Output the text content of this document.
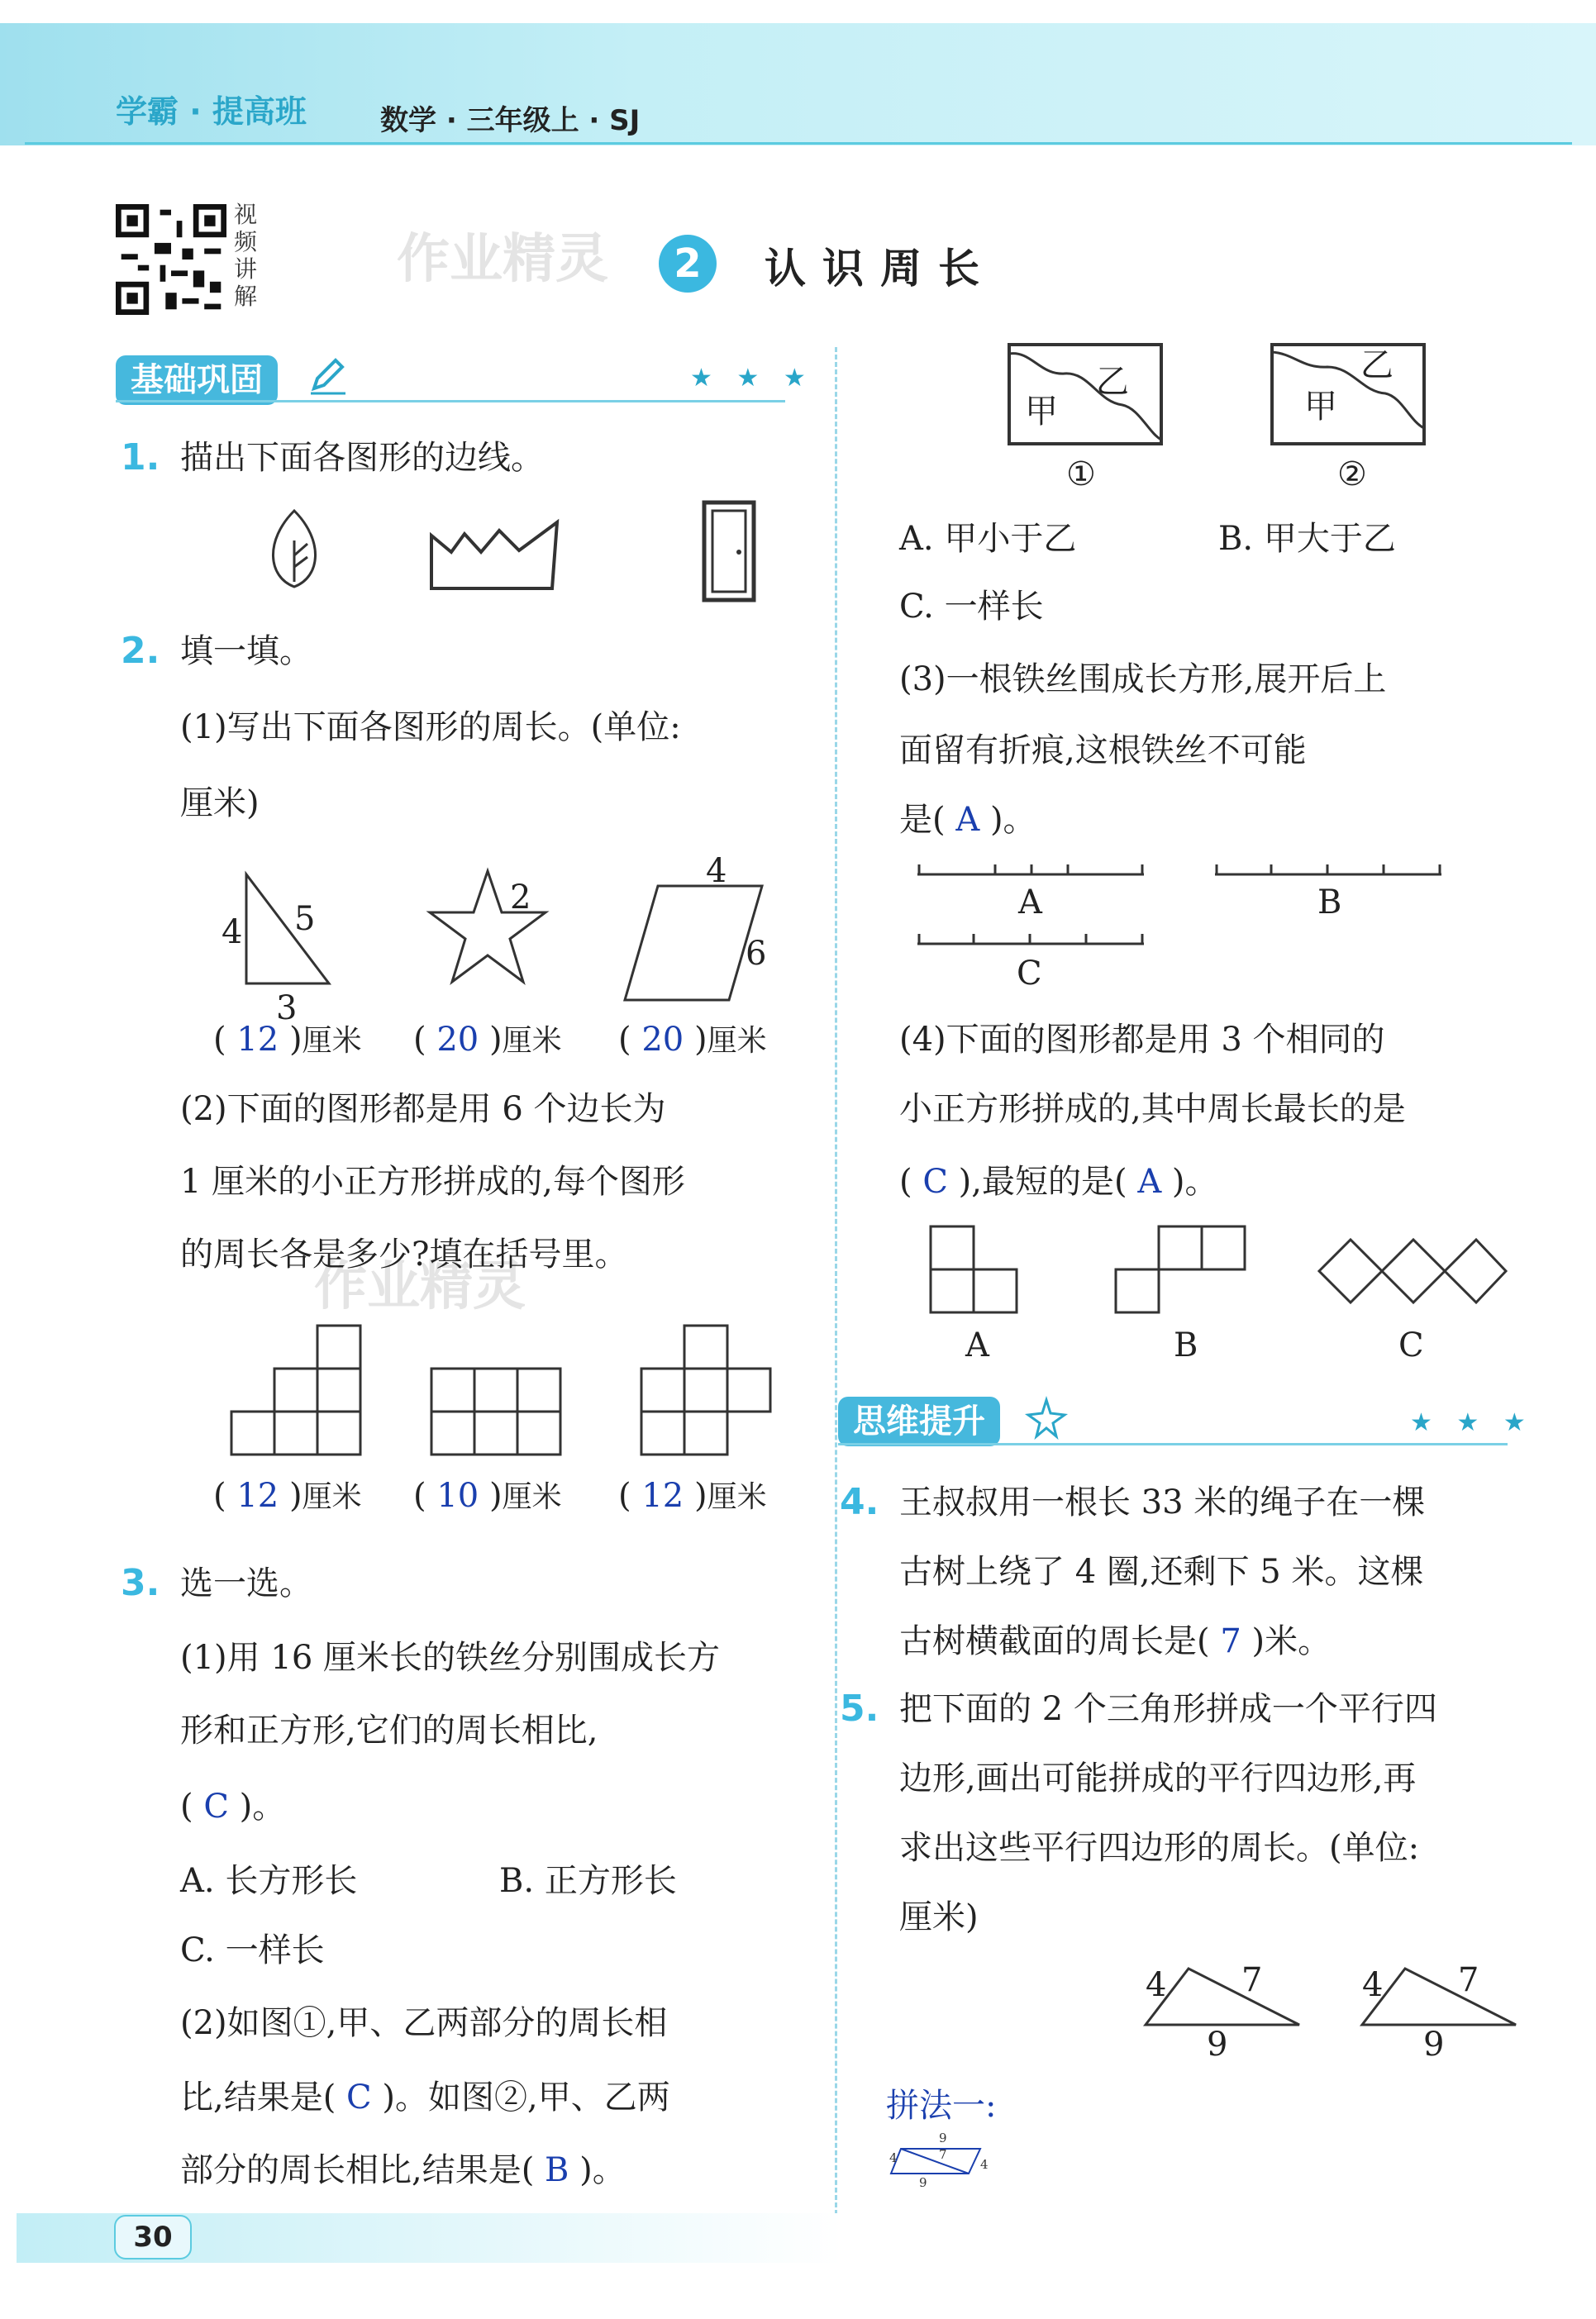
学霸 · 提高班	数学 · 三年级上 · SJ
视频讲解
作业精灵
作业精灵
2	认识周长
基础巩固	★ ★ ★
1. 描出下面各图形的边线。
2. 填一填。
(1)写出下面各图形的周长。(单位:
厘米)
4 5
3
2
4
6
( 12 )厘米 ( 20 )厘米 ( 20 )厘米
(2)下面的图形都是用 6 个边长为
1 厘米的小正方形拼成的,每个图形
的周长各是多少?填在括号里。
( 12 )厘米 ( 10 )厘米 ( 12 )厘米
3. 选一选。
(1)用 16 厘米长的铁丝分别围成长方
形和正方形,它们的周长相比,
( C )。
A. 长方形长	B. 正方形长
C. 一样长
(2)如图①,甲、乙两部分的周长相
比,结果是( C )。如图②,甲、乙两
部分的周长相比,结果是( B )。
甲
乙
①
甲
乙
②
A. 甲小于乙	B. 甲大于乙
C. 一样长
(3)一根铁丝围成长方形,展开后上
面留有折痕,这根铁丝不可能
是( A )。
A	B
C
(4)下面的图形都是用 3 个相同的
小正方形拼成的,其中周长最长的是
( C ),最短的是( A )。
A	B	C
思维提升	★ ★ ★
4. 王叔叔用一根长 33 米的绳子在一棵
古树上绕了 4 圈,还剩下 5 米。这棵
古树横截面的周长是( 7 )米。
5. 把下面的 2 个三角形拼成一个平行四
边形,画出可能拼成的平行四边形,再
求出这些平行四边形的周长。(单位:
厘米)
4 7
9
4 7
9
拼法一:
9
4	7
4
9
30
